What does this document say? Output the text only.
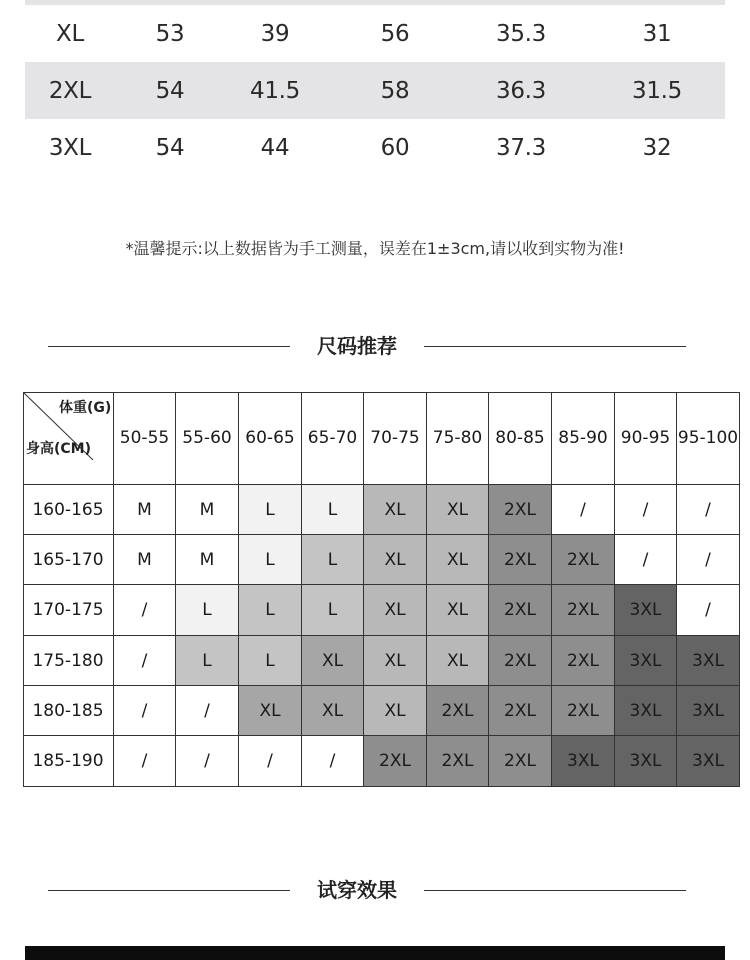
XL	53	39	56	35.3	31
2XL	54	41.5	58	36.3	31.5
3XL	54	44	60	37.3	32
*温馨提示:以上数据皆为手工测量，误差在1±3cm,请以收到实物为准!
尺码推荐
体重(G)
身高(CM)
50-55 55-60 60-65 65-70 70-75 75-80 80-85 85-90 90-95 95-100
160-165	M	M	L	L	XL	XL	2XL	/	/	/
165-170	M	M	L	L	XL	XL	2XL	2XL	/	/
170-175	/	L	L	L	XL	XL	2XL	2XL	3XL	/
175-180	/	L	L	XL	XL	XL	2XL	2XL	3XL	3XL
180-185	/	/	XL	XL	XL	2XL	2XL	2XL	3XL	3XL
185-190	/	/	/	/	2XL	2XL	2XL	3XL	3XL	3XL
试穿效果
